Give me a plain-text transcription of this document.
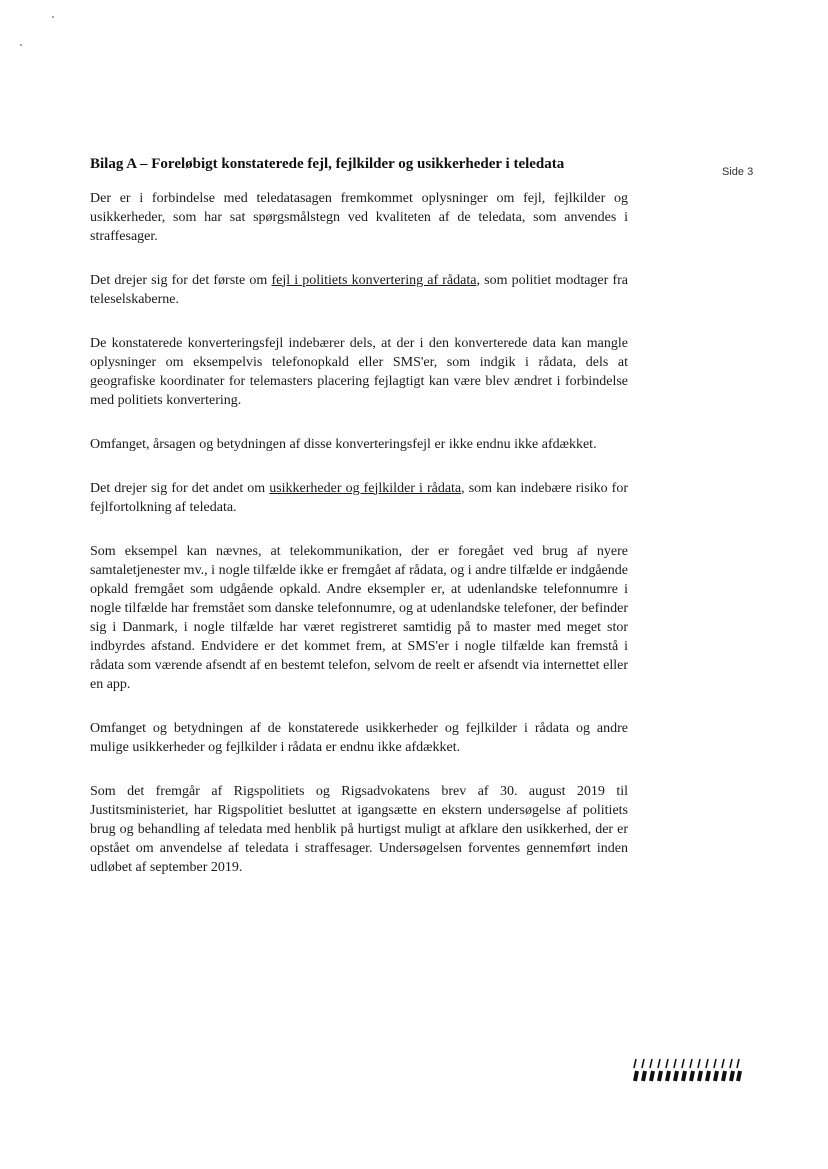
Side 3
Bilag A – Foreløbigt konstaterede fejl, fejlkilder og usikkerheder i teledata

Der er i forbindelse med teledatasagen fremkommet oplysninger om fejl, fejlkilder og usikkerheder, som har sat spørgsmålstegn ved kvaliteten af de teledata, som anvendes i straffesager.

Det drejer sig for det første om fejl i politiets konvertering af rådata, som politiet modtager fra teleselskaberne.

De konstaterede konverteringsfejl indebærer dels, at der i den konverterede data kan mangle oplysninger om eksempelvis telefonopkald eller SMS'er, som indgik i rådata, dels at geografiske koordinater for telemasters placering fejlagtigt kan være blev ændret i forbindelse med politiets konvertering.

Omfanget, årsagen og betydningen af disse konverteringsfejl er ikke endnu ikke afdækket.

Det drejer sig for det andet om usikkerheder og fejlkilder i rådata, som kan indebære risiko for fejlfortolkning af teledata.

Som eksempel kan nævnes, at telekommunikation, der er foregået ved brug af nyere samtaletjenester mv., i nogle tilfælde ikke er fremgået af rådata, og i andre tilfælde er indgående opkald fremgået som udgående opkald. Andre eksempler er, at udenlandske telefonnumre i nogle tilfælde har fremstået som danske telefonnumre, og at udenlandske telefoner, der befinder sig i Danmark, i nogle tilfælde har været registreret samtidig på to master med meget stor indbyrdes afstand. Endvidere er det kommet frem, at SMS'er i nogle tilfælde kan fremstå i rådata som værende afsendt af en bestemt telefon, selvom de reelt er afsendt via internettet eller en app.

Omfanget og betydningen af de konstaterede usikkerheder og fejlkilder i rådata og andre mulige usikkerheder og fejlkilder i rådata er endnu ikke afdækket.

Som det fremgår af Rigspolitiets og Rigsadvokatens brev af 30. august 2019 til Justitsministeriet, har Rigspolitiet besluttet at igangsætte en ekstern undersøgelse af politiets brug og behandling af teledata med henblik på hurtigst muligt at afklare den usikkerhed, der er opstået om anvendelse af teledata i straffesager. Undersøgelsen forventes gennemført inden udløbet af september 2019.
